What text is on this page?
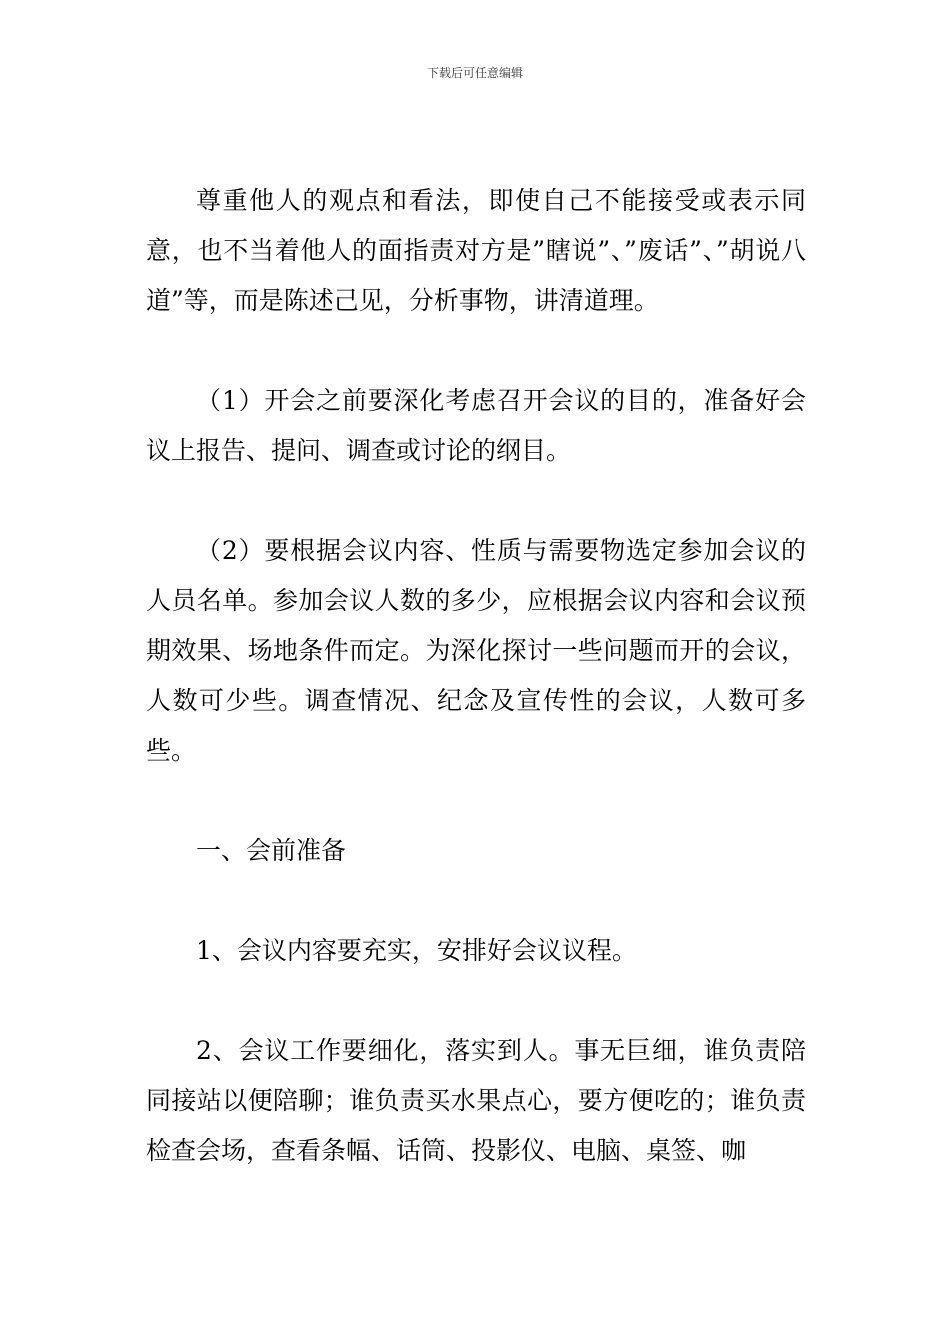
下载后可任意编辑

尊重他人的观点和看法，即使自己不能接受或表示同意，也不当着他人的面指责对方是”瞎说”、”废话”、”胡说八道”等，而是陈述己见，分析事物，讲清道理。

（1）开会之前要深化考虑召开会议的目的，准备好会议上报告、提问、调查或讨论的纲目。

（2）要根据会议内容、性质与需要物选定参加会议的人员名单。参加会议人数的多少，应根据会议内容和会议预期效果、场地条件而定。为深化探讨一些问题而开的会议，人数可少些。调查情况、纪念及宣传性的会议，人数可多些。

一、会前准备

1、会议内容要充实，安排好会议议程。

2、会议工作要细化，落实到人。事无巨细，谁负责陪同接站以便陪聊；谁负责买水果点心，要方便吃的；谁负责检查会场，查看条幅、话筒、投影仪、电脑、桌签、咖
